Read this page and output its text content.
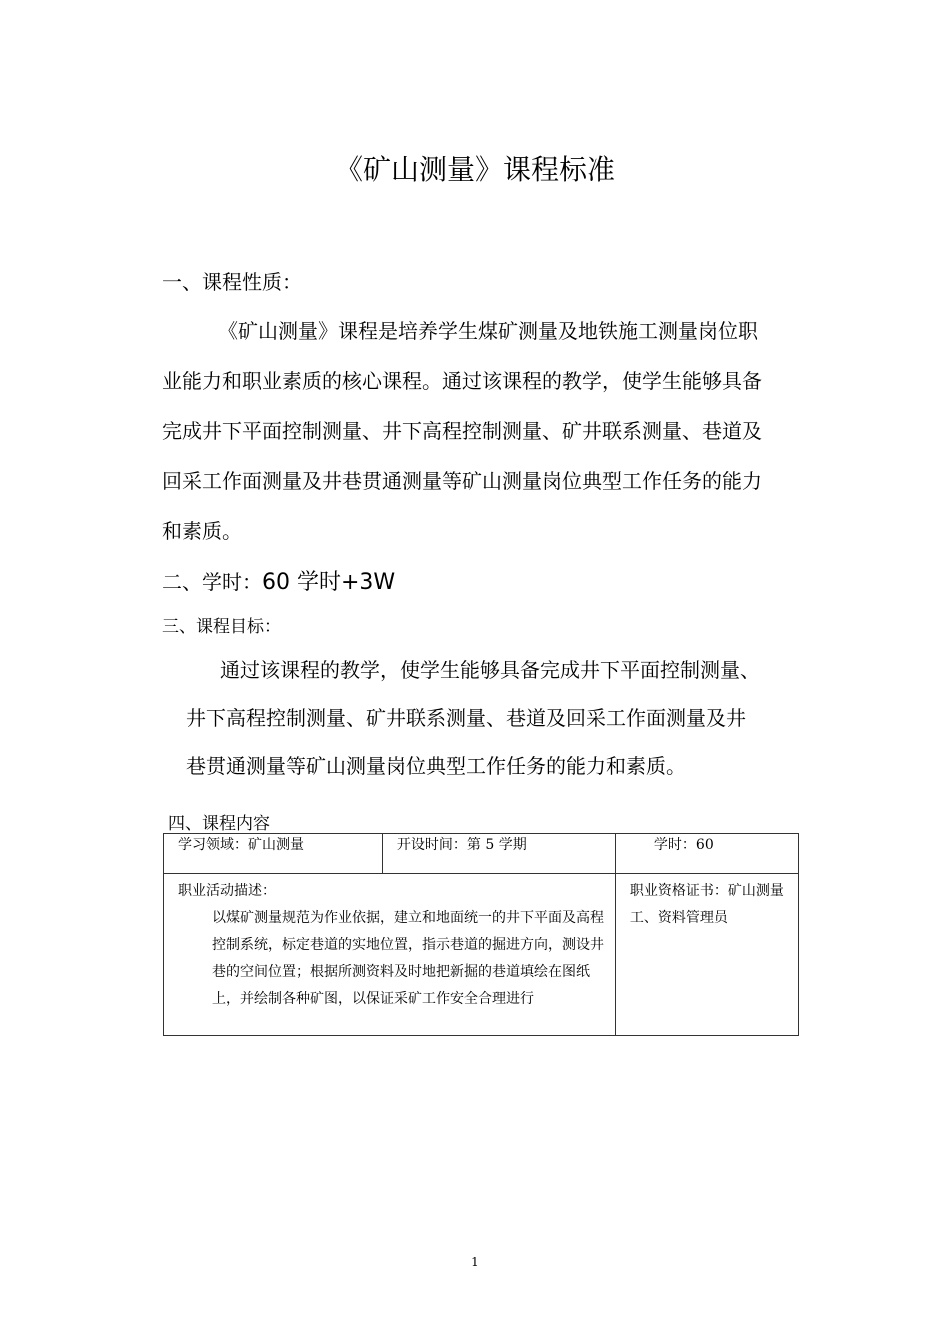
《矿山测量》课程标准
一、课程性质：

《矿山测量》课程是培养学生煤矿测量及地铁施工测量岗位职
业能力和职业素质的核心课程。通过该课程的教学，使学生能够具备
完成井下平面控制测量、井下高程控制测量、矿井联系测量、巷道及
回采工作面测量及井巷贯通测量等矿山测量岗位典型工作任务的能力
和素质。

二、学时：60 学时+3W
三、课程目标：

通过该课程的教学，使学生能够具备完成井下平面控制测量、
井下高程控制测量、矿井联系测量、巷道及回采工作面测量及井
巷贯通测量等矿山测量岗位典型工作任务的能力和素质。

四、课程内容
学习领域：矿山测量	开设时间：第 5 学期	学时：60
职业活动描述：
以煤矿测量规范为作业依据，建立和地面统一的井下平面及高程控制系统，标定巷道的实地位置，指示巷道的掘进方向，测设井巷的空间位置；根据所测资料及时地把新掘的巷道填绘在图纸上，并绘制各种矿图，以保证采矿工作安全合理进行		职业资格证书：矿山测量工、资料管理员
1
